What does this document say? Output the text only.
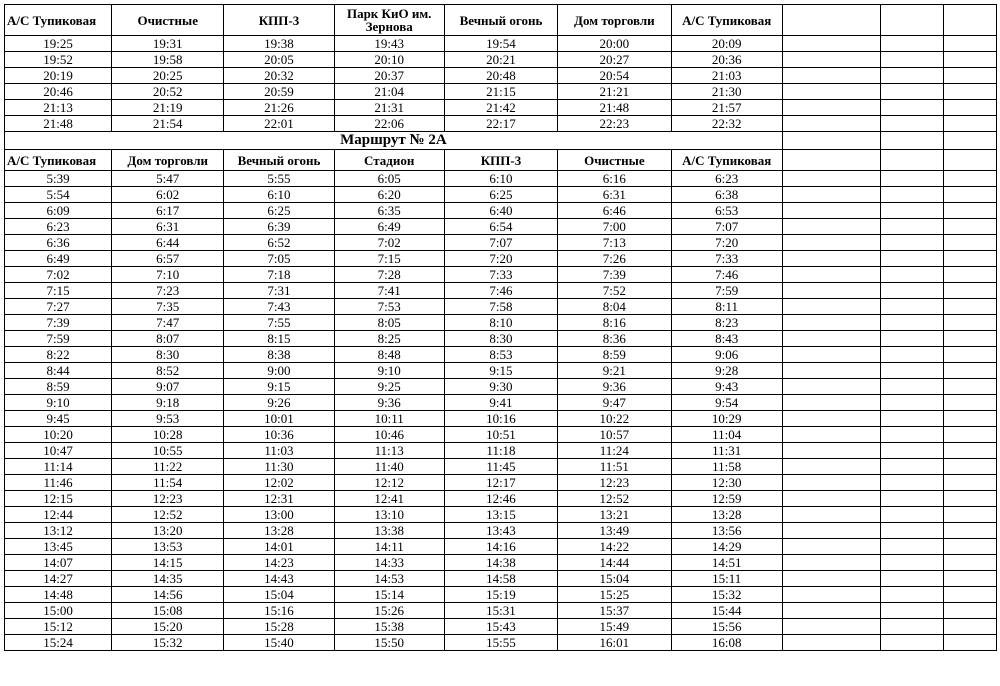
А/С Тупиковая	Очистные	КПП-3	Парк КиО им. Зернова	Вечный огонь	Дом торговли	А/С Тупиковая			
19:25	19:31	19:38	19:43	19:54	20:00	20:09			
19:52	19:58	20:05	20:10	20:21	20:27	20:36			
20:19	20:25	20:32	20:37	20:48	20:54	21:03			
20:46	20:52	20:59	21:04	21:15	21:21	21:30			
21:13	21:19	21:26	21:31	21:42	21:48	21:57			
21:48	21:54	22:01	22:06	22:17	22:23	22:32			
Маршрут № 2А									
А/С Тупиковая	Дом торговли	Вечный огонь	Стадион	КПП-3	Очистные	А/С Тупиковая			
5:39	5:47	5:55	6:05	6:10	6:16	6:23			
5:54	6:02	6:10	6:20	6:25	6:31	6:38			
6:09	6:17	6:25	6:35	6:40	6:46	6:53			
6:23	6:31	6:39	6:49	6:54	7:00	7:07			
6:36	6:44	6:52	7:02	7:07	7:13	7:20			
6:49	6:57	7:05	7:15	7:20	7:26	7:33			
7:02	7:10	7:18	7:28	7:33	7:39	7:46			
7:15	7:23	7:31	7:41	7:46	7:52	7:59			
7:27	7:35	7:43	7:53	7:58	8:04	8:11			
7:39	7:47	7:55	8:05	8:10	8:16	8:23			
7:59	8:07	8:15	8:25	8:30	8:36	8:43			
8:22	8:30	8:38	8:48	8:53	8:59	9:06			
8:44	8:52	9:00	9:10	9:15	9:21	9:28			
8:59	9:07	9:15	9:25	9:30	9:36	9:43			
9:10	9:18	9:26	9:36	9:41	9:47	9:54			
9:45	9:53	10:01	10:11	10:16	10:22	10:29			
10:20	10:28	10:36	10:46	10:51	10:57	11:04			
10:47	10:55	11:03	11:13	11:18	11:24	11:31			
11:14	11:22	11:30	11:40	11:45	11:51	11:58			
11:46	11:54	12:02	12:12	12:17	12:23	12:30			
12:15	12:23	12:31	12:41	12:46	12:52	12:59			
12:44	12:52	13:00	13:10	13:15	13:21	13:28			
13:12	13:20	13:28	13:38	13:43	13:49	13:56			
13:45	13:53	14:01	14:11	14:16	14:22	14:29			
14:07	14:15	14:23	14:33	14:38	14:44	14:51			
14:27	14:35	14:43	14:53	14:58	15:04	15:11			
14:48	14:56	15:04	15:14	15:19	15:25	15:32			
15:00	15:08	15:16	15:26	15:31	15:37	15:44			
15:12	15:20	15:28	15:38	15:43	15:49	15:56			
15:24	15:32	15:40	15:50	15:55	16:01	16:08			
